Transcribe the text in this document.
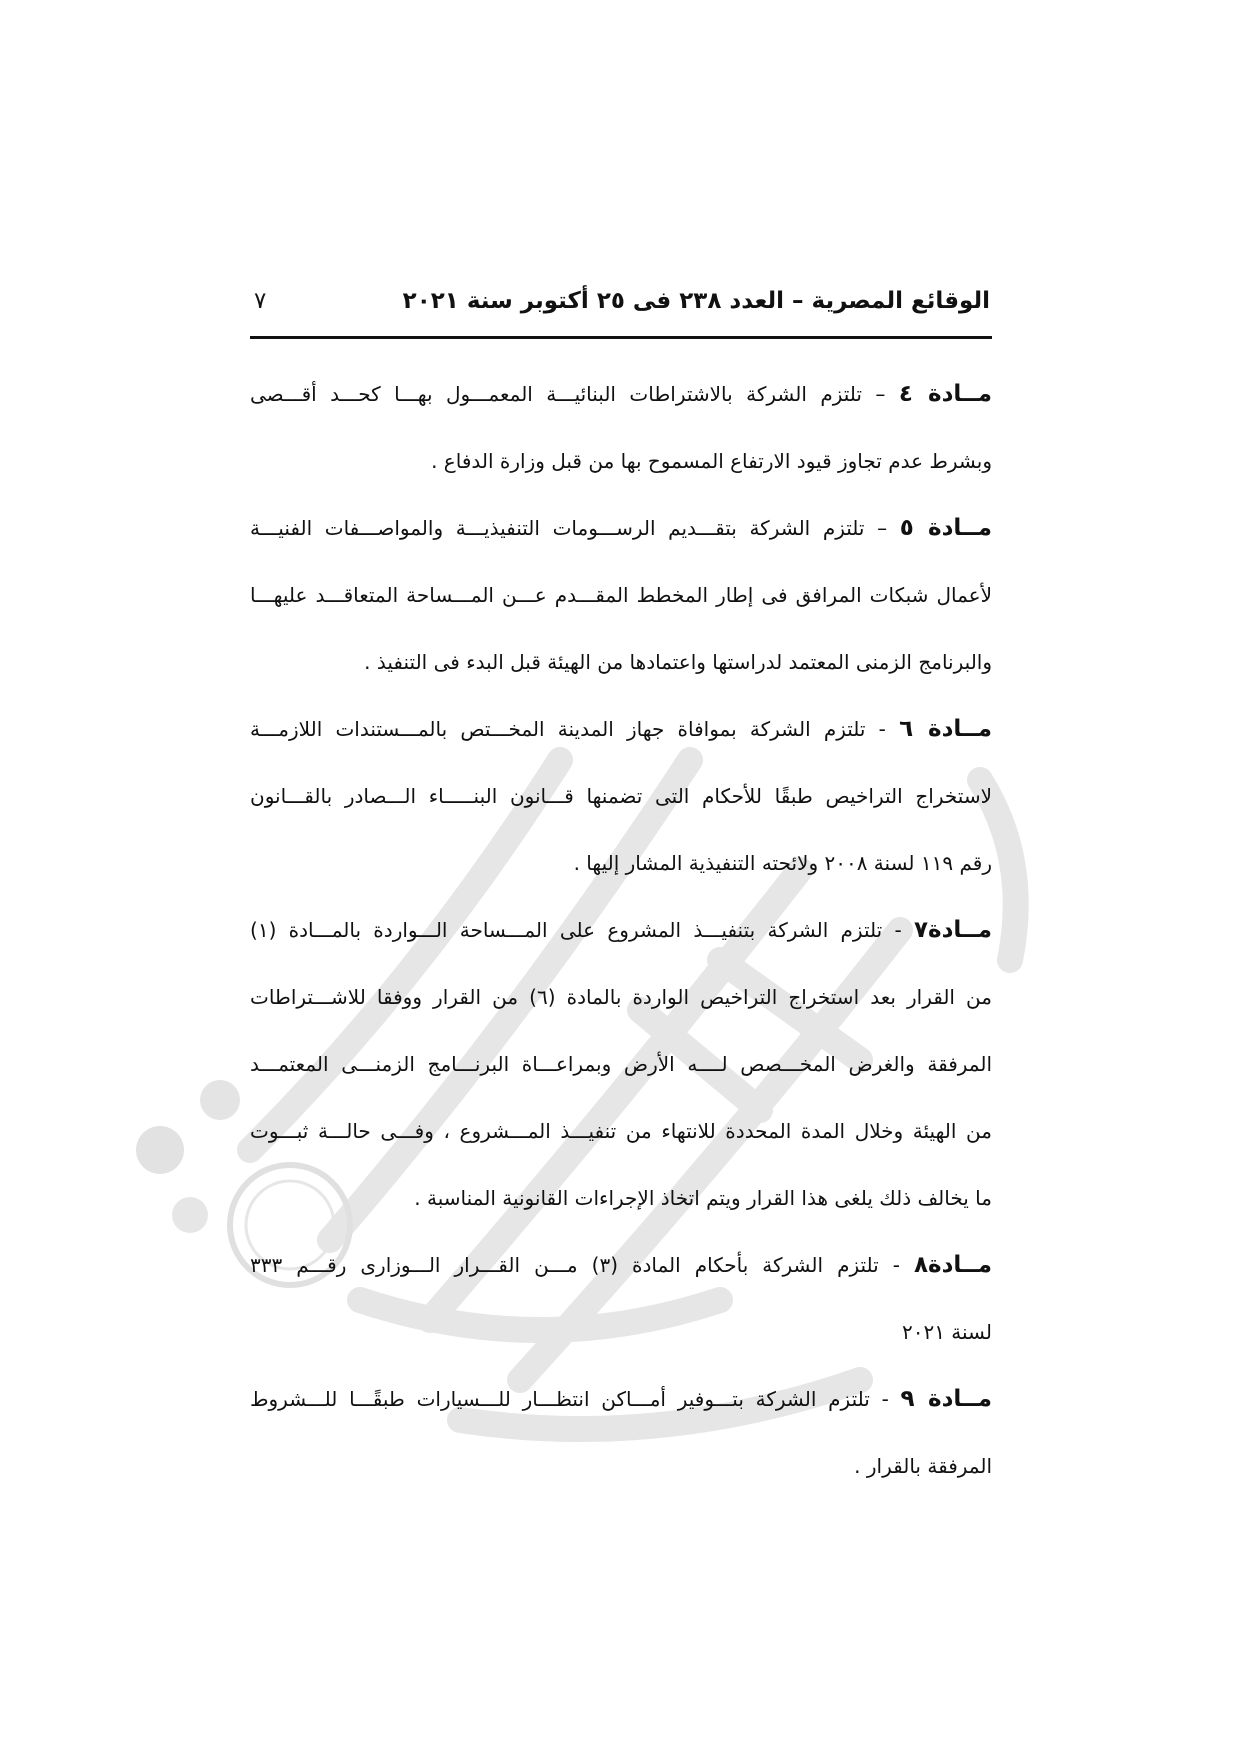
الوقائع المصرية – العدد ٢٣٨ فى ٢٥ أكتوبر سنة ٢٠٢١
٧
مــادة ٤ – تلتزم الشركة بالاشتراطات البنائيـــة المعمـــول بهـــا كحـــد أقـــصى
وبشرط عدم تجاوز قيود الارتفاع المسموح بها من قبل وزارة الدفاع .
مــادة ٥ – تلتزم الشركة بتقـــديم الرســـومات التنفيذيـــة والمواصـــفات الفنيـــة
لأعمال شبكات المرافق فى إطار المخطط المقـــدم عـــن المـــساحة المتعاقـــد عليهـــا
والبرنامج الزمنى المعتمد لدراستها واعتمادها من الهيئة قبل البدء فى التنفيذ .
مــادة ٦ - تلتزم الشركة بموافاة جهاز المدينة المخـــتص بالمـــستندات اللازمـــة
لاستخراج التراخيص طبقًا للأحكام التى تضمنها قـــانون البنـــــاء الـــصادر بالقـــانون
رقم ١١٩ لسنة ٢٠٠٨ ولائحته التنفيذية المشار إليها .
مــادة٧ - تلتزم الشركة بتنفيـــذ المشروع على المـــساحة الـــواردة بالمـــادة (١)
من القرار بعد استخراج التراخيص الواردة بالمادة (٦) من القرار ووفقا للاشـــتراطات
المرفقة والغرض المخـــصص لــــه الأرض وبمراعـــاة البرنـــامج الزمنـــى المعتمـــد
من الهيئة وخلال المدة المحددة للانتهاء من تنفيـــذ المـــشروع ، وفـــى حالـــة ثبـــوت
ما يخالف ذلك يلغى هذا القرار ويتم اتخاذ الإجراءات القانونية المناسبة .
مــادة٨ - تلتزم الشركة بأحكام المادة (٣) مـــن القـــرار الـــوزارى رقـــم ٣٣٣
لسنة ٢٠٢١
مــادة ٩ - تلتزم الشركة بتـــوفير أمـــاكن انتظـــار للـــسيارات طبقًـــا للـــشروط
المرفقة بالقرار .
